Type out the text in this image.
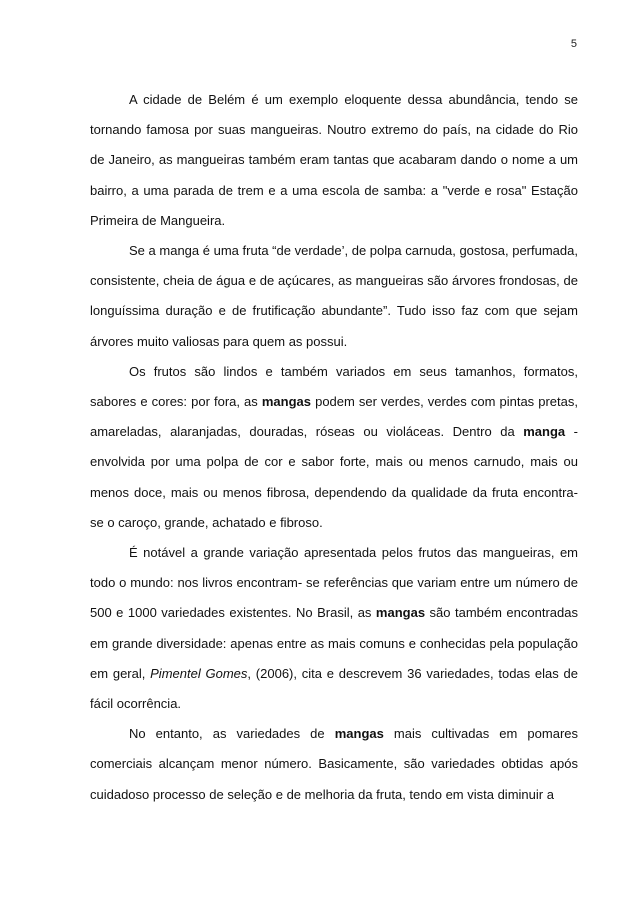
5

A cidade de Belém é um exemplo eloquente dessa abundância, tendo se tornando famosa por suas mangueiras. Noutro extremo do país, na cidade do Rio de Janeiro, as mangueiras também eram tantas que acabaram dando o nome a um bairro, a uma parada de trem e a uma escola de samba: a "verde e rosa" Estação Primeira de Mangueira.

Se a manga é uma fruta “de verdade’, de polpa carnuda, gostosa, perfumada, consistente, cheia de água e de açúcares, as mangueiras são árvores frondosas, de longuíssima duração e de frutificação abundante”. Tudo isso faz com que sejam árvores muito valiosas para quem as possui.

Os frutos são lindos e também variados em seus tamanhos, formatos, sabores e cores: por fora, as mangas podem ser verdes, verdes com pintas pretas, amareladas, alaranjadas, douradas, róseas ou violáceas. Dentro da manga - envolvida por uma polpa de cor e sabor forte, mais ou menos carnudo, mais ou menos doce, mais ou menos fibrosa, dependendo da qualidade da fruta encontra- se o caroço, grande, achatado e fibroso.

É notável a grande variação apresentada pelos frutos das mangueiras, em todo o mundo: nos livros encontram- se referências que variam entre um número de 500 e 1000 variedades existentes. No Brasil, as mangas são também encontradas em grande diversidade: apenas entre as mais comuns e conhecidas pela população em geral, Pimentel Gomes, (2006), cita e descrevem 36 variedades, todas elas de fácil ocorrência.

No entanto, as variedades de mangas mais cultivadas em pomares comerciais alcançam menor número. Basicamente, são variedades obtidas após cuidadoso processo de seleção e de melhoria da fruta, tendo em vista diminuir a
